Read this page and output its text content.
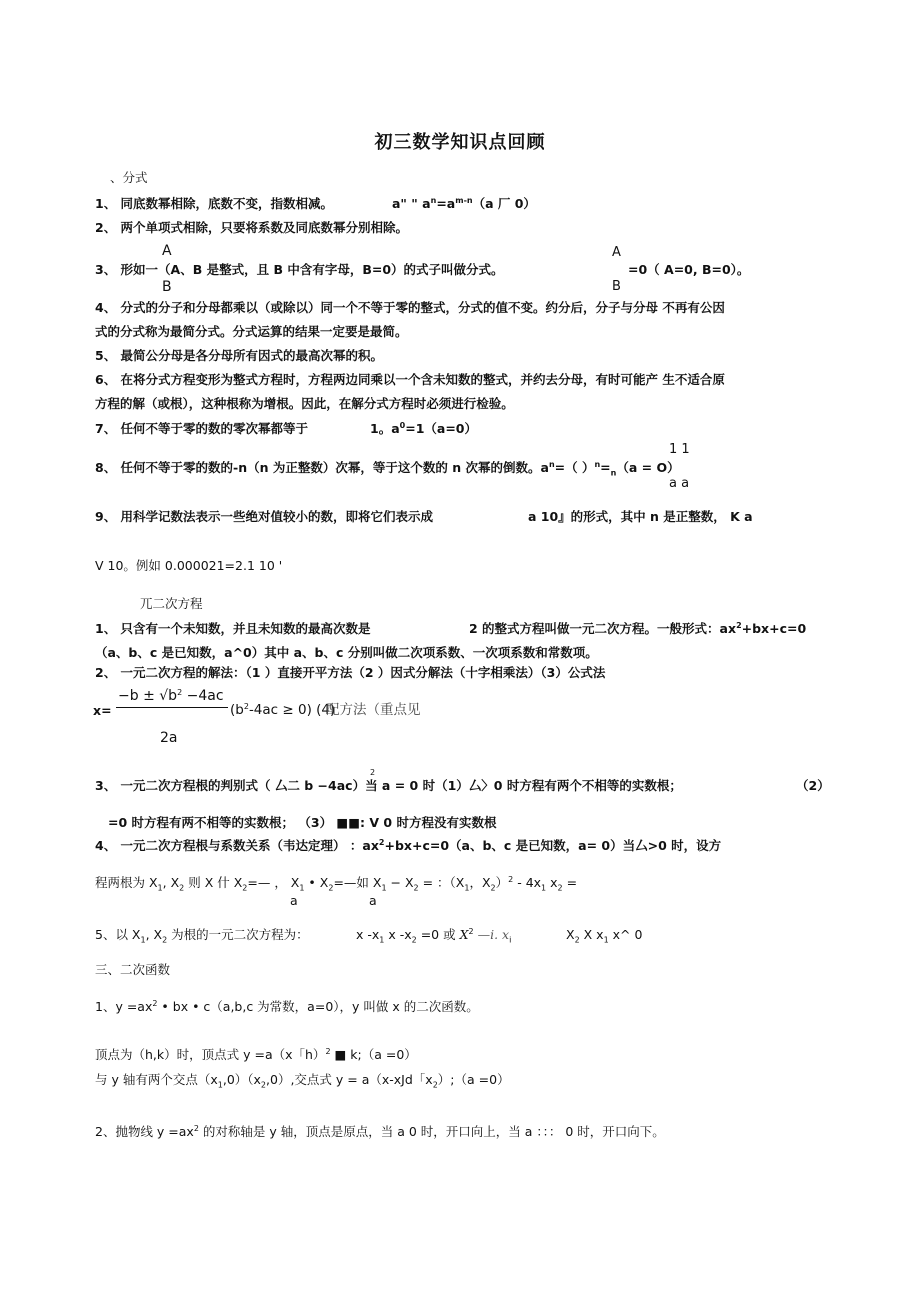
初三数学知识点回顾
、分式
1、 同底数幂相除，底数不变，指数相减。	a" " $a^n=a^{m-n}(a$ 厂 0）
2、 两个单项式相除，只要将系数及同底数幂分别相除。
A
3、 形如一（A、B 是整式，且 B 中含有字母，B=0）的式子叫做分式。
B
A
=0（ A=0, B=0）。
B
4、 分式的分子和分母都乘以（或除以）同一个不等于零的整式，分式的值不变。约分后，分子与分母 不再有公因
式的分式称为最简分式。分式运算的结果一定要是最简。
5、 最简公分母是各分母所有因式的最高次幂的积。
6、 在将分式方程变形为整式方程时，方程两边同乘以一个含未知数的整式，并约去分母，有时可能产 生不适合原
方程的解（或根），这种根称为增根。因此，在解分式方程时必须进行检验。
7、 任何不等于零的数的零次幂都等于	1。$a^0=1(a=0)$
1 1
8、 任何不等于零的数的-n（n 为正整数）次幂，等于这个数的 n 次幂的倒数。$a^n=$（ ）$^n=_n(a = O)$
a a
9、 用科学记数法表示一些绝对值较小的数，即将它们表示成	a 10』的形式，其中 n 是正整数， K a
V 10。例如 0.000021=2.1 10 '
兀二次方程
1、 只含有一个未知数，并且未知数的最高次数是	2 的整式方程叫做一元二次方程。一般形式：$ax^2+bx+c=0$
（a、b、c 是已知数，a^0）其中 a、b、c 分别叫做二次项系数、一次项系数和常数项。
2、 一元二次方程的解法：（1 ）直接开平方法（2 ）因式分解法（十字相乘法）（3）公式法
x=
$-b \pm √b^2 -4ac$
$(b^2-4ac \ge 0)$ (4)
配方法（重点见
2a
2
3、 一元二次方程根的判别式（ 厶二 b −4ac）当 a = 0 时（1）厶〉0 时方程有两个不相等的实数根；	（2）
=0 时方程有两不相等的实数根； （3） ■■: V 0 时方程没有实数根
4、 一元二次方程根与系数关系（韦达定理） ：$ax^2+bx+c=0(a$、b、c 是已知数，a= 0）当厶>0 时，设方
程两根为 $X_1$, $X_2$ 则 X 什 $X_2=—$ ， $X_1$ • $X_2=—$如 $X_1 - X_2$ = ：（$X_1$，$X_2)^2 - 4x_1$ $x_2$ =
a	a
5、以 $X_1$, $X_2$ 为根的一元二次方程为：	x $-x_1$ x $-x_2 =0$ 或 $X^2$ —i. $x_i$	$X_2$ X $x_1$ x^ 0
三、二次函数
1、$y =ax^2$ • bx • c（a,b,c 为常数，a=0），y 叫做 x 的二次函数。
顶点为（h,k）时，顶点式 y =a（x「h）$^2$ ■ k;（a =0）
与 y 轴有两个交点$(x_1,0)(x_2,0)$,交点式 y = a（x-xJd「$x_2);(a =0)$
2、抛物线 $y =ax^2$ 的对称轴是 y 轴，顶点是原点，当 a 0 时，开口向上，当 a ：：： 0 时，开口向下。
